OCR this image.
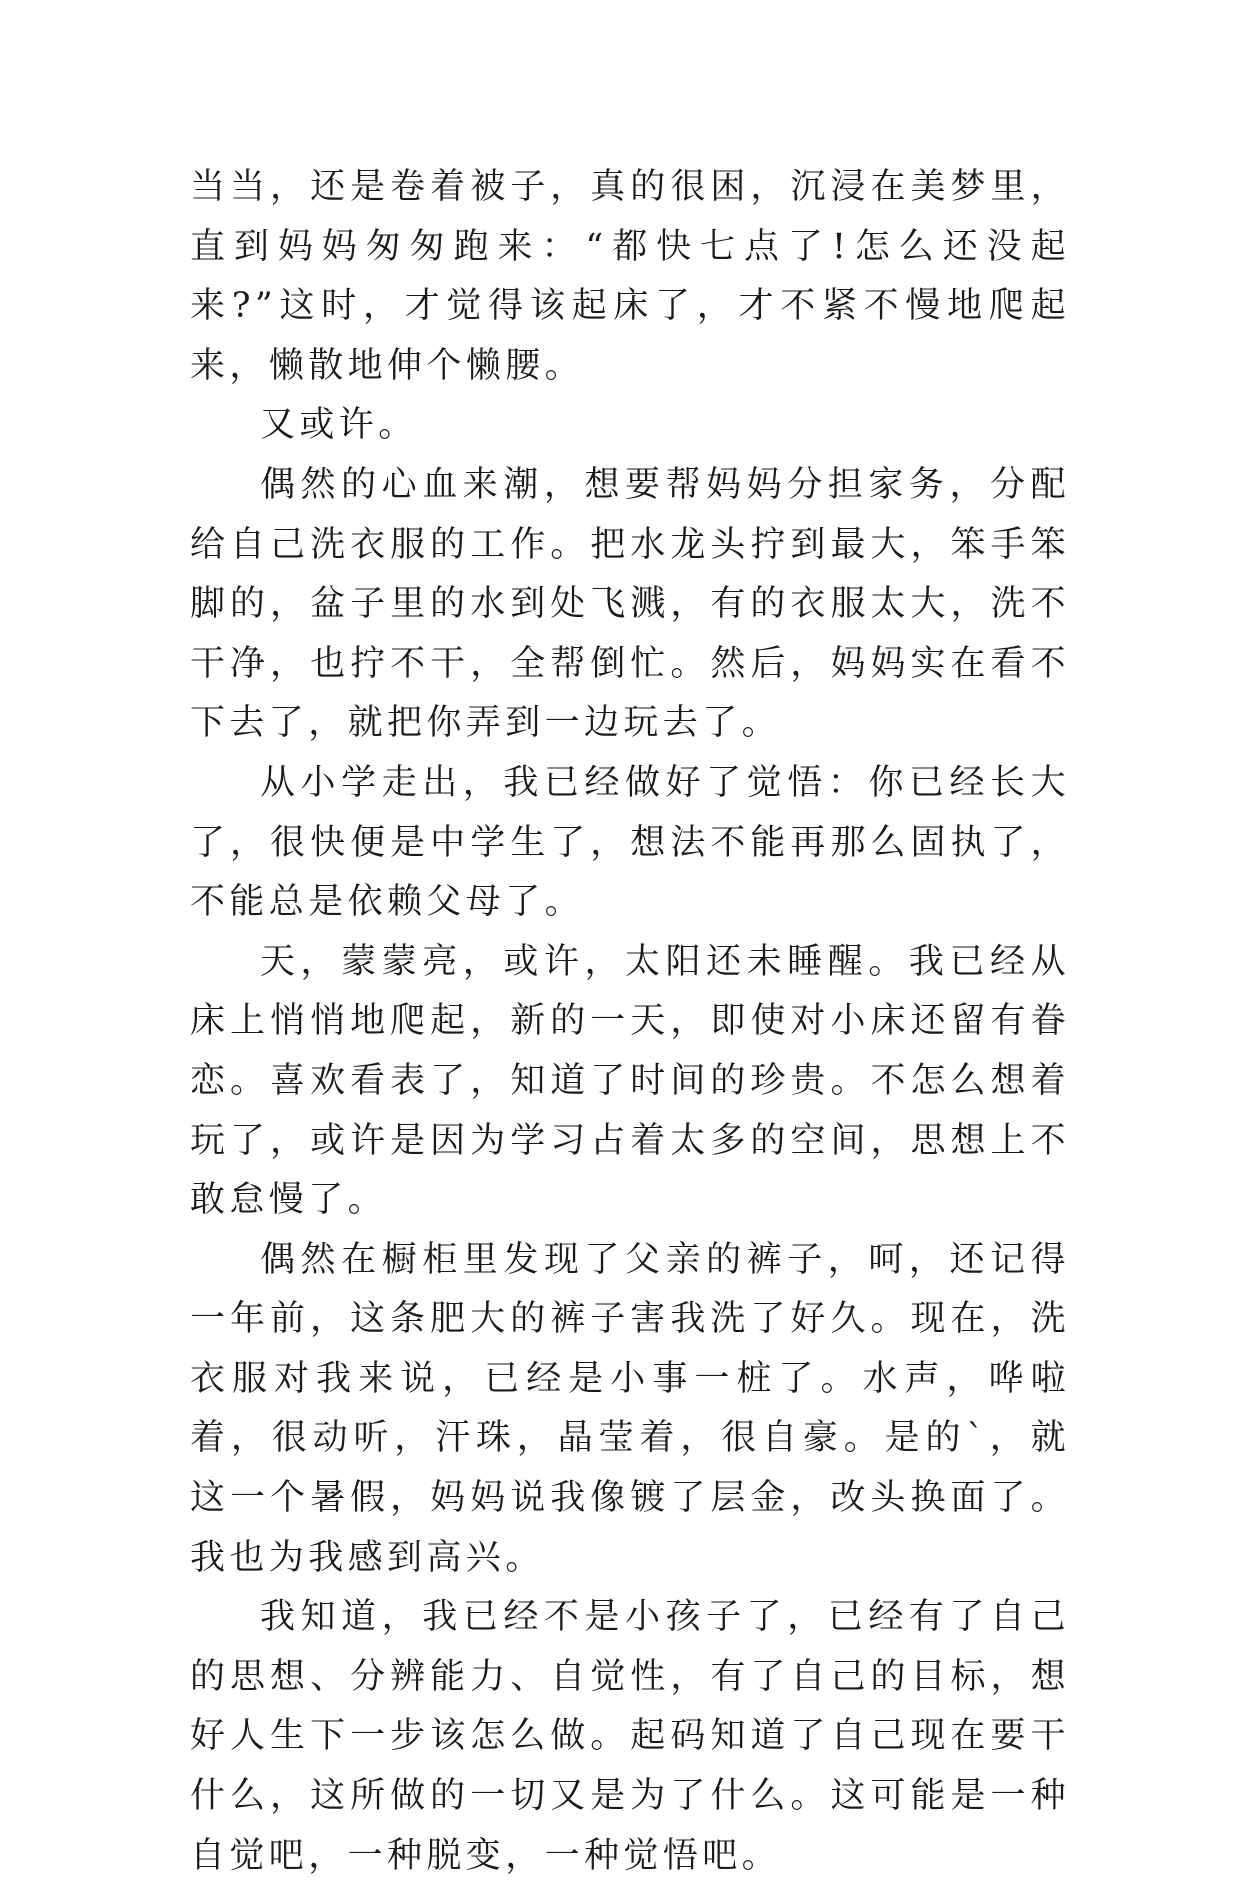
当当，还是卷着被子，真的很困，沉浸在美梦里，直到妈妈匆匆跑来：“都快七点了!怎么还没起来?”这时，才觉得该起床了，才不紧不慢地爬起来，懒散地伸个懒腰。

又或许。

偶然的心血来潮，想要帮妈妈分担家务，分配给自己洗衣服的工作。把水龙头拧到最大，笨手笨脚的，盆子里的水到处飞溅，有的衣服太大，洗不干净，也拧不干，全帮倒忙。然后，妈妈实在看不下去了，就把你弄到一边玩去了。

从小学走出，我已经做好了觉悟：你已经长大了，很快便是中学生了，想法不能再那么固执了，不能总是依赖父母了。

天，蒙蒙亮，或许，太阳还未睡醒。我已经从床上悄悄地爬起，新的一天，即使对小床还留有眷恋。喜欢看表了，知道了时间的珍贵。不怎么想着玩了，或许是因为学习占着太多的空间，思想上不敢怠慢了。

偶然在橱柜里发现了父亲的裤子，呵，还记得一年前，这条肥大的裤子害我洗了好久。现在，洗衣服对我来说，已经是小事一桩了。水声，哗啦着，很动听，汗珠，晶莹着，很自豪。是的`，就这一个暑假，妈妈说我像镀了层金，改头换面了。我也为我感到高兴。

我知道，我已经不是小孩子了，已经有了自己的思想、分辨能力、自觉性，有了自己的目标，想好人生下一步该怎么做。起码知道了自己现在要干什么，这所做的一切又是为了什么。这可能是一种自觉吧，一种脱变，一种觉悟吧。
